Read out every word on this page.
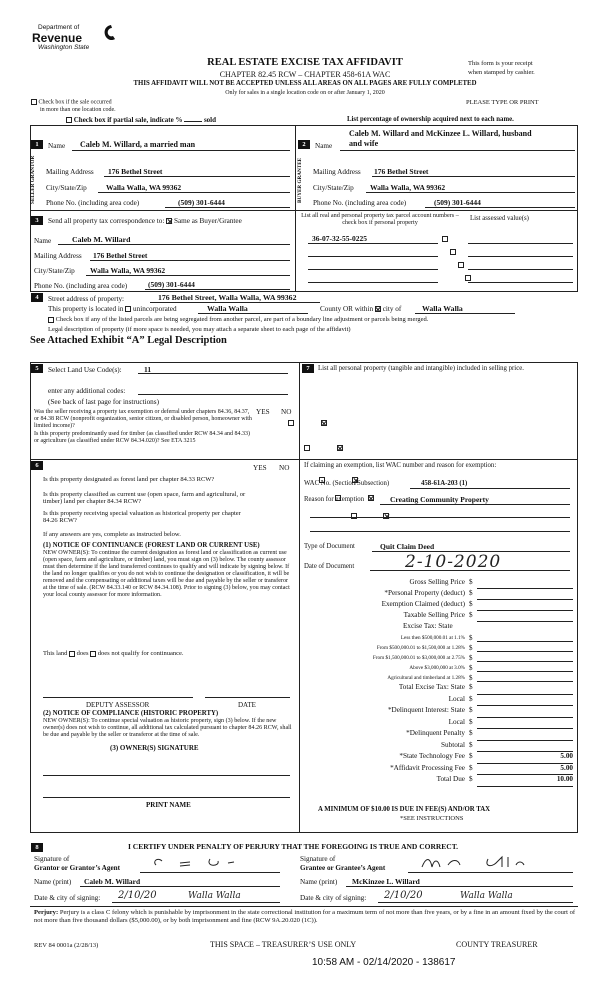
Department of
Revenue
Washington State
REAL ESTATE EXCISE TAX AFFIDAVIT
CHAPTER 82.45 RCW – CHAPTER 458-61A WAC
THIS AFFIDAVIT WILL NOT BE ACCEPTED UNLESS ALL AREAS ON ALL PAGES ARE FULLY COMPLETED
Only for sales in a single location code on or after January 1, 2020
This form is your receipt
when stamped by cashier.
PLEASE TYPE OR PRINT
Check box if the sale occurred
in more than one location code.
Check box if partial sale, indicate %	sold	List percentage of ownership acquired next to each name.
1	Name Caleb M. Willard, a married man
SELLER GRANTOR	Mailing Address 176 Bethel Street
City/State/Zip	Walla Walla, WA 99362
Phone No. (including area code)	(509) 301-6444
Caleb M. Willard and McKinzee L. Willard, husband
2	Name and wife
BUYER GRANTEE	Mailing Address 176 Bethel Street
City/State/Zip Walla Walla, WA 99362
Phone No. (including area code)	(509) 301-6444
3	Send all property tax correspondence to: Same as Buyer/Grantee
Name	Caleb M. Willard
Mailing Address 176 Bethel Street
City/State/Zip Walla Walla, WA 99362
Phone No. (including area code)	(509) 301-6444
List all real and personal property tax parcel account numbers – check box if personal property
List assessed value(s)
36-07-32-55-0225

4	Street address of property:	176 Bethel Street, Walla Walla, WA 99362
This property is located in unincorporated	Walla Walla	County OR within city of	Walla Walla
Check box if any of the listed parcels are being segregated from another parcel, are part of a boundary line adjustment or parcels being merged.
Legal description of property (if more space is needed, you may attach a separate sheet to each page of the affidavit)
See Attached Exhibit “A” Legal Description
5	Select Land Use Code(s):	11
enter any additional codes:
(See back of last page for instructions)
YES NO
Was the seller receiving a property tax exemption or deferral under chapters 84.36, 84.37, or 84.38 RCW (nonprofit organization, senior citizen, or disabled person, homeowner with limited income)?

Is this property predominantly used for timber (as classified under RCW 84.34 and 84.33) or agriculture (as classified under RCW 84.34.020)? See ETA 3215

6	YES NO
Is this property designated as forest land per chapter 84.33 RCW?

Is this property classified as current use (open space, farm and agricultural, or timber) land per chapter 84.34 RCW?

Is this property receiving special valuation as historical property per chapter 84.26 RCW?

If any answers are yes, complete as instructed below.
(1) NOTICE OF CONTINUANCE (FOREST LAND OR CURRENT USE)
NEW OWNER(S): To continue the current designation as forest land or classification as current use (open space, farm and agriculture, or timber) land, you must sign on (3) below. The county assessor must then determine if the land transferred continues to qualify and will indicate by signing below. If the land no longer qualifies or you do not wish to continue the designation or classification, it will be removed and the compensating or additional taxes will be due and payable by the seller or transferor at the time of sale. (RCW 84.33.140 or RCW 84.34.108). Prior to signing (3) below, you may contact your local county assessor for more information.
This land does does not qualify for continuance.
DEPUTY ASSESSOR	DATE
(2) NOTICE OF COMPLIANCE (HISTORIC PROPERTY)
NEW OWNER(S): To continue special valuation as historic property, sign (3) below. If the new owner(s) does not wish to continue, all additional tax calculated pursuant to chapter 84.26 RCW, shall be due and payable by the seller or transferor at the time of sale.
(3) OWNER(S) SIGNATURE
PRINT NAME
7	List all personal property (tangible and intangible) included in selling price.
If claiming an exemption, list WAC number and reason for exemption:
WAC No. (Section/Subsection)	458-61A-203 (1)
Reason for exemption	Creating Community Property
Type of Document	Quit Claim Deed
Date of Document	2-10-2020
Gross Selling Price $
*Personal Property (deduct) $
Exemption Claimed (deduct) $
Taxable Selling Price $
Excise Tax: State
Less then $500,000.01 at 1.1% $
From $500,000.01 to $1,500,000 at 1.28% $
From $1,500,000.01 to $3,000,000 at 2.75% $
Above $3,000,000 at 3.0% $
Agricultural and timberland at 1.28% $
Total Excise Tax: State $
Local $
*Delinquent Interest: State $
Local $
*Delinquent Penalty $
Subtotal $
*State Technology Fee $	5.00
*Affidavit Processing Fee $	5.00
Total Due $	10.00
A MINIMUM OF $10.00 IS DUE IN FEE(S) AND/OR TAX
*SEE INSTRUCTIONS
8	I CERTIFY UNDER PENALTY OF PERJURY THAT THE FOREGOING IS TRUE AND CORRECT.
Signature of
Grantor or Grantor’s Agent
Name (print) Caleb M. Willard
Date & city of signing: 2/10/20	Walla Walla
Signature of
Grantee or Grantee’s Agent
Name (print) McKinzee L. Willard
Date & city of signing: 2/10/20	Walla Walla
Perjury: Perjury is a class C felony which is punishable by imprisonment in the state correctional institution for a maximum term of not more than five years, or by a fine in an amount fixed by the court of not more than five thousand dollars ($5,000.00), or by both imprisonment and fine (RCW 9A.20.020 (1C)).
REV 84 0001a (2/28/13)	THIS SPACE – TREASURER’S USE ONLY	COUNTY TREASURER
10:58 AM - 02/14/2020 - 138617
